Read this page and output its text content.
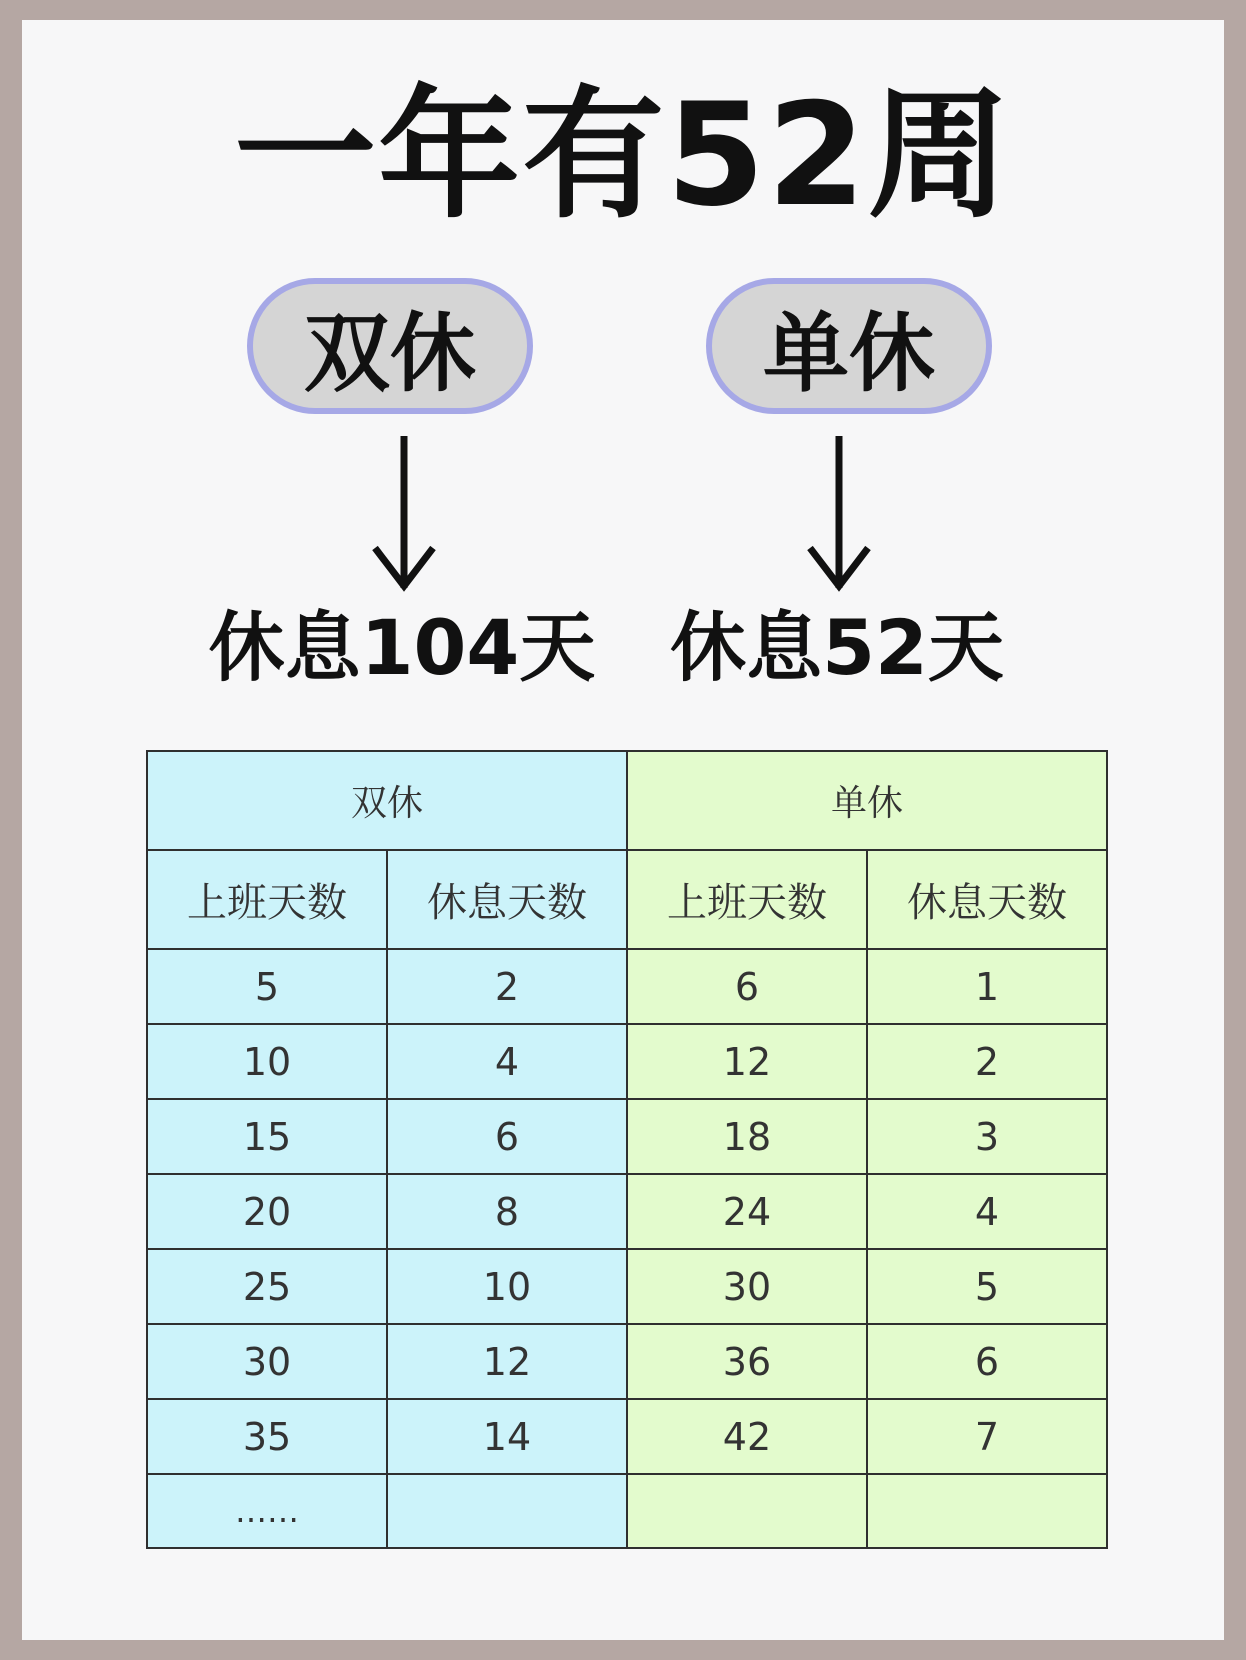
一年有52周
双休	单休
休息104天 休息52天
双休		单休	
上班天数	休息天数	上班天数	休息天数
5	2	6	1
10	4	12	2
15	6	18	3
20	8	24	4
25	10	30	5
30	12	36	6
35	14	42	7
……			
